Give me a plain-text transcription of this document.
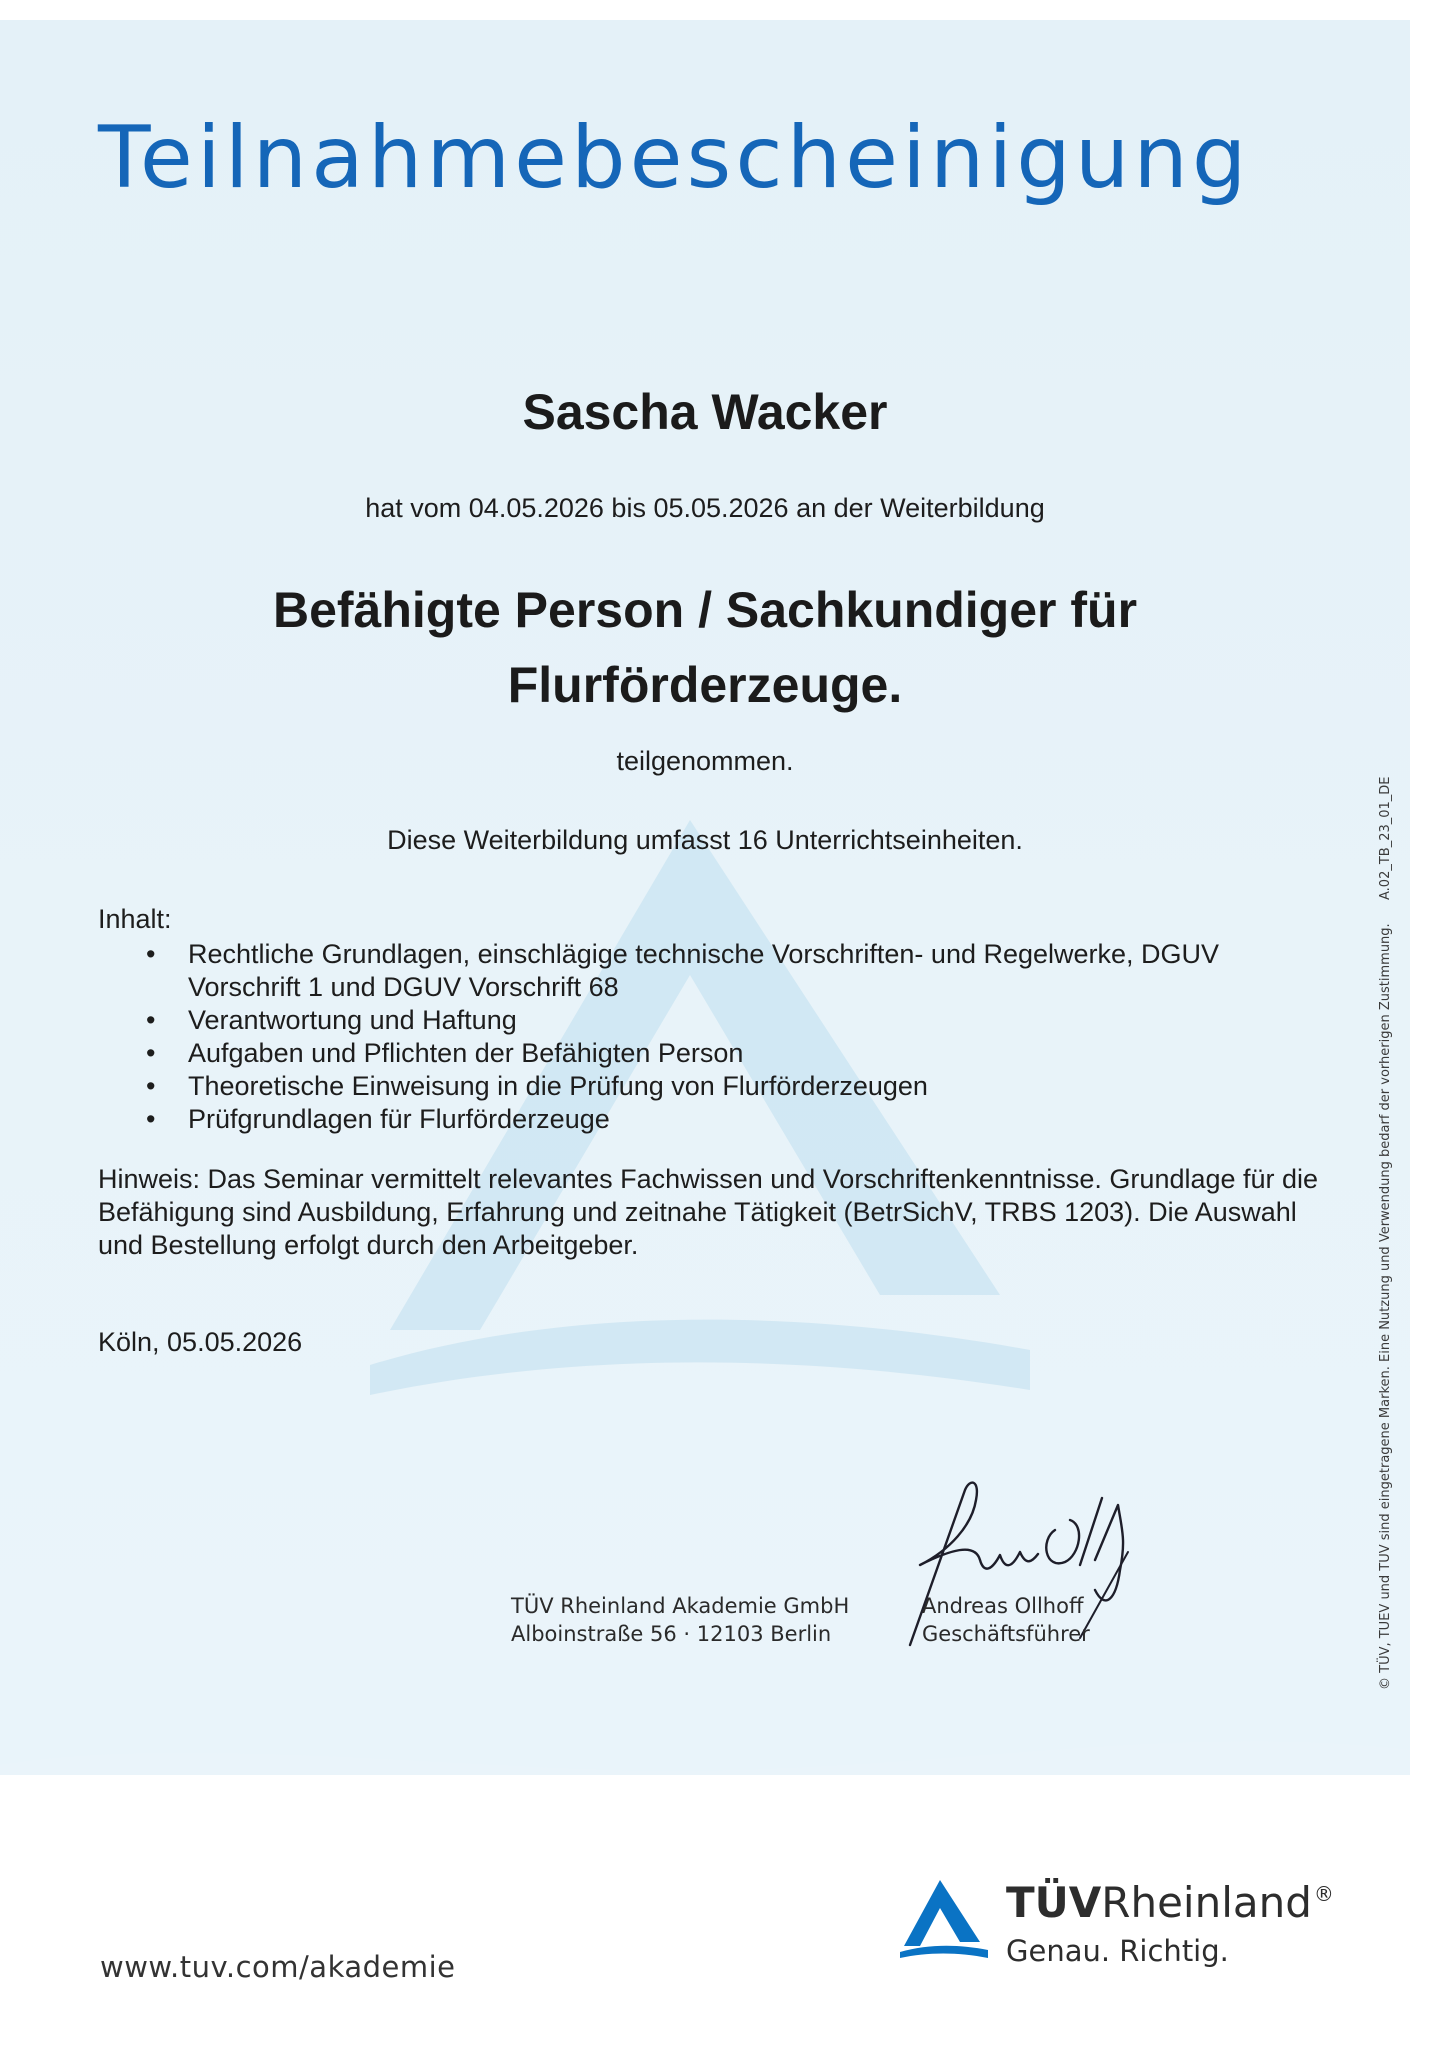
Teilnahmebescheinigung
Sascha Wacker
hat vom 04.05.2026 bis 05.05.2026 an der Weiterbildung
Befähigte Person / Sachkundiger für
Flurförderzeuge.
teilgenommen.
Diese Weiterbildung umfasst 16 Unterrichtseinheiten.
Inhalt:
• Rechtliche Grundlagen, einschlägige technische Vorschriften- und Regelwerke, DGUV Vorschrift 1 und DGUV Vorschrift 68
• Verantwortung und Haftung
• Aufgaben und Pflichten der Befähigten Person
• Theoretische Einweisung in die Prüfung von Flurförderzeugen
• Prüfgrundlagen für Flurförderzeuge
Hinweis: Das Seminar vermittelt relevantes Fachwissen und Vorschriftenkenntnisse. Grundlage für die Befähigung sind Ausbildung, Erfahrung und zeitnahe Tätigkeit (BetrSichV, TRBS 1203). Die Auswahl und Bestellung erfolgt durch den Arbeitgeber.
Köln, 05.05.2026
TÜV Rheinland Akademie GmbH
Alboinstraße 56 · 12103 Berlin
Andreas Ollhoff
Geschäftsführer
A.02_TB_23_01_DE
© TÜV, TUEV und TUV sind eingetragene Marken. Eine Nutzung und Verwendung bedarf der vorherigen Zustimmung.
www.tuv.com/akademie
TÜVRheinland ®
Genau. Richtig.
